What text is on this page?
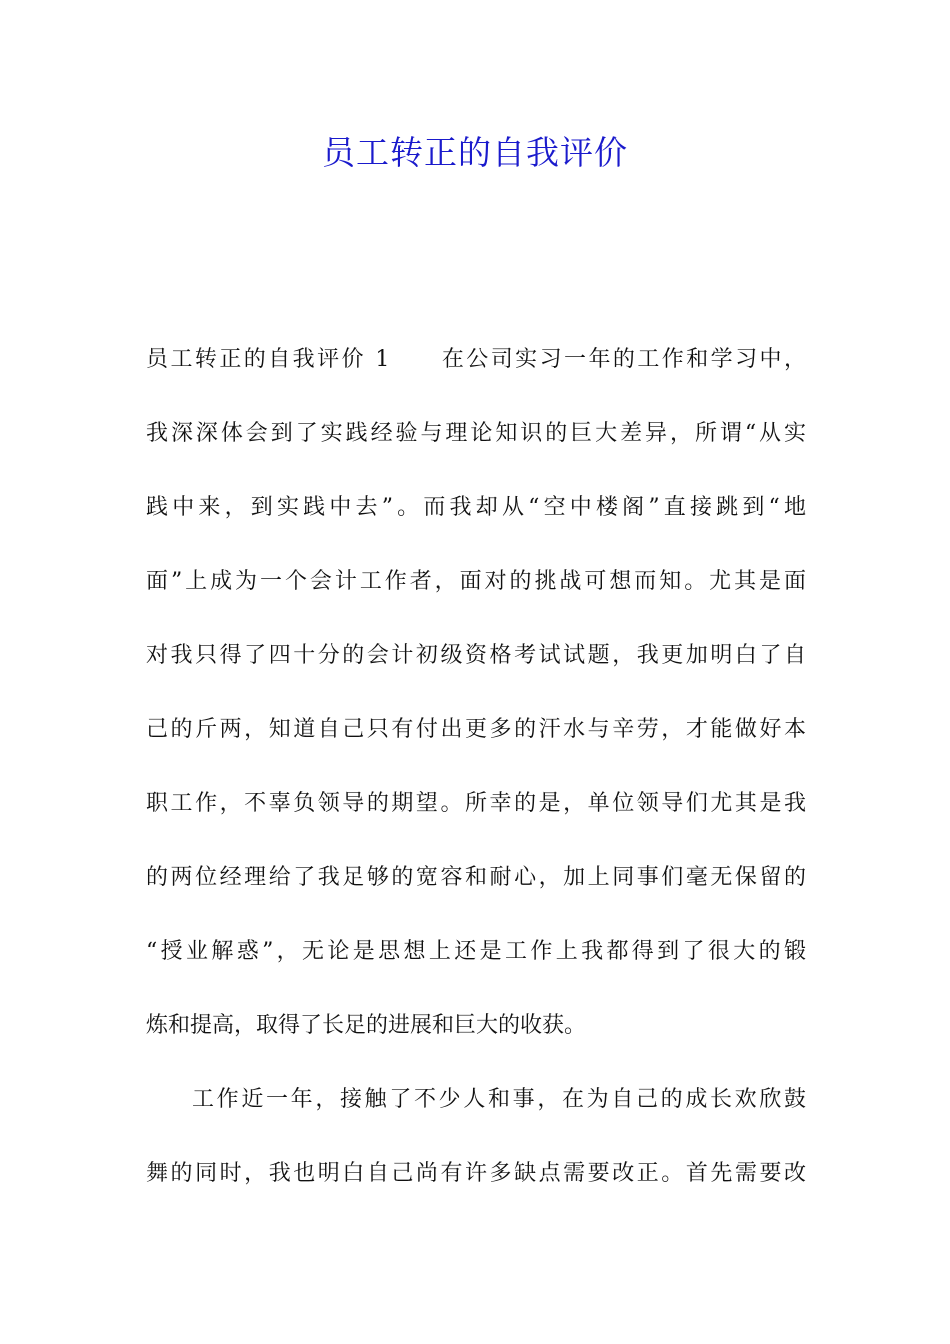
员工转正的自我评价
员工转正的自我评价 1 在公司实习一年的工作和学习中，
我深深体会到了实践经验与理论知识的巨大差异，所谓“从实
践中来，到实践中去”。而我却从“空中楼阁”直接跳到“地
面”上成为一个会计工作者，面对的挑战可想而知。尤其是面
对我只得了四十分的会计初级资格考试试题，我更加明白了自
己的斤两，知道自己只有付出更多的汗水与辛劳，才能做好本
职工作，不辜负领导的期望。所幸的是，单位领导们尤其是我
的两位经理给了我足够的宽容和耐心，加上同事们毫无保留的
“授业解惑”，无论是思想上还是工作上我都得到了很大的锻
炼和提高，取得了长足的进展和巨大的收获。
工作近一年，接触了不少人和事，在为自己的成长欢欣鼓
舞的同时，我也明白自己尚有许多缺点需要改正。首先需要改
